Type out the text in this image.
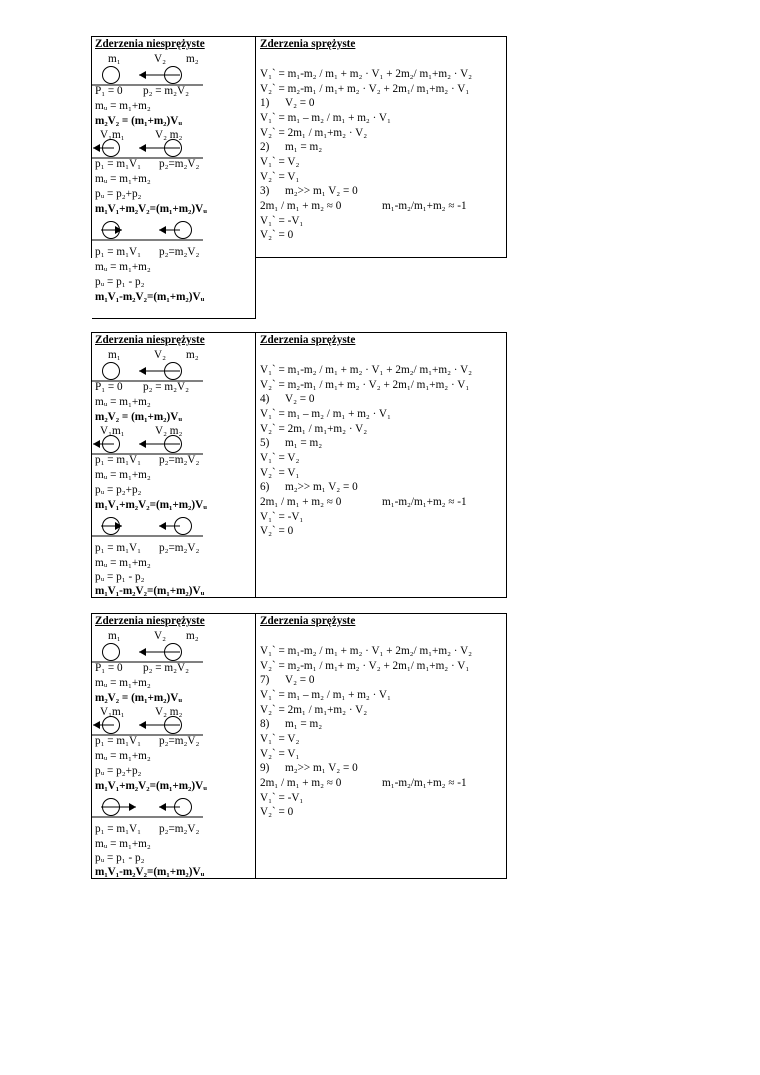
Zderzenia niesprężyste
m₁	V₂ m₂
P₁ = 0 p₂ = m₂V₂
mᵤ = m₁+m₂
m₂V₂ = (m₁+m₂)Vᵤ
V₁m₁	V₂ m₂
p₁ = m₁V₁ p₂=m₂V₂
mᵤ = m₁+m₂
pᵤ = p₂+p₂
m₁V₁+m₂V₂=(m₁+m₂)Vᵤ
p₁ = m₁V₁ p₂=m₂V₂
mᵤ = m₁+m₂
pᵤ = p₁ - p₂
m₁V₁-m₂V₂=(m₁+m₂)Vᵤ
Zderzenia sprężyste
V₁` = m₁-m₂ / m₁ + m₂ · V₁ + 2m₂/ m₁+m₂ · V₂
V₂` = m₂-m₁ / m₁+ m₂ · V₂ + 2m₁/ m₁+m₂ · V₁
1) V₂ = 0
V₁` = m₁ – m₂ / m₁ + m₂ · V₁
V₂` = 2m₁ / m₁+m₂ · V₂
2) m₁ = m₂
V₁` = V₂
V₂` = V₁
3) m₂>> m₁ V₂ = 0
2m₁ / m₁ + m₂ ≈ 0	m₁-m₂/m₁+m₂ ≈ -1
V₁` = -V₁
V₂` = 0
Zderzenia niesprężyste
m₁	V₂ m₂
P₁ = 0 p₂ = m₂V₂
mᵤ = m₁+m₂
m₂V₂ = (m₁+m₂)Vᵤ
V₁m₁	V₂ m₂
p₁ = m₁V₁ p₂=m₂V₂
mᵤ = m₁+m₂
pᵤ = p₂+p₂
m₁V₁+m₂V₂=(m₁+m₂)Vᵤ
p₁ = m₁V₁ p₂=m₂V₂
mᵤ = m₁+m₂
pᵤ = p₁ - p₂
m₁V₁-m₂V₂=(m₁+m₂)Vᵤ
Zderzenia sprężyste
V₁` = m₁-m₂ / m₁ + m₂ · V₁ + 2m₂/ m₁+m₂ · V₂
V₂` = m₂-m₁ / m₁+ m₂ · V₂ + 2m₁/ m₁+m₂ · V₁
4) V₂ = 0
V₁` = m₁ – m₂ / m₁ + m₂ · V₁
V₂` = 2m₁ / m₁+m₂ · V₂
5) m₁ = m₂
V₁` = V₂
V₂` = V₁
6) m₂>> m₁ V₂ = 0
2m₁ / m₁ + m₂ ≈ 0	m₁-m₂/m₁+m₂ ≈ -1
V₁` = -V₁
V₂` = 0
Zderzenia niesprężyste
m₁	V₂ m₂
P₁ = 0 p₂ = m₂V₂
mᵤ = m₁+m₂
m₂V₂ = (m₁+m₂)Vᵤ
V₁m₁	V₂ m₂
p₁ = m₁V₁ p₂=m₂V₂
mᵤ = m₁+m₂
pᵤ = p₂+p₂
m₁V₁+m₂V₂=(m₁+m₂)Vᵤ
p₁ = m₁V₁ p₂=m₂V₂
mᵤ = m₁+m₂
pᵤ = p₁ - p₂
m₁V₁-m₂V₂=(m₁+m₂)Vᵤ
Zderzenia sprężyste
V₁` = m₁-m₂ / m₁ + m₂ · V₁ + 2m₂/ m₁+m₂ · V₂
V₂` = m₂-m₁ / m₁+ m₂ · V₂ + 2m₁/ m₁+m₂ · V₁
7) V₂ = 0
V₁` = m₁ – m₂ / m₁ + m₂ · V₁
V₂` = 2m₁ / m₁+m₂ · V₂
8) m₁ = m₂
V₁` = V₂
V₂` = V₁
9) m₂>> m₁ V₂ = 0
2m₁ / m₁ + m₂ ≈ 0	m₁-m₂/m₁+m₂ ≈ -1
V₁` = -V₁
V₂` = 0
